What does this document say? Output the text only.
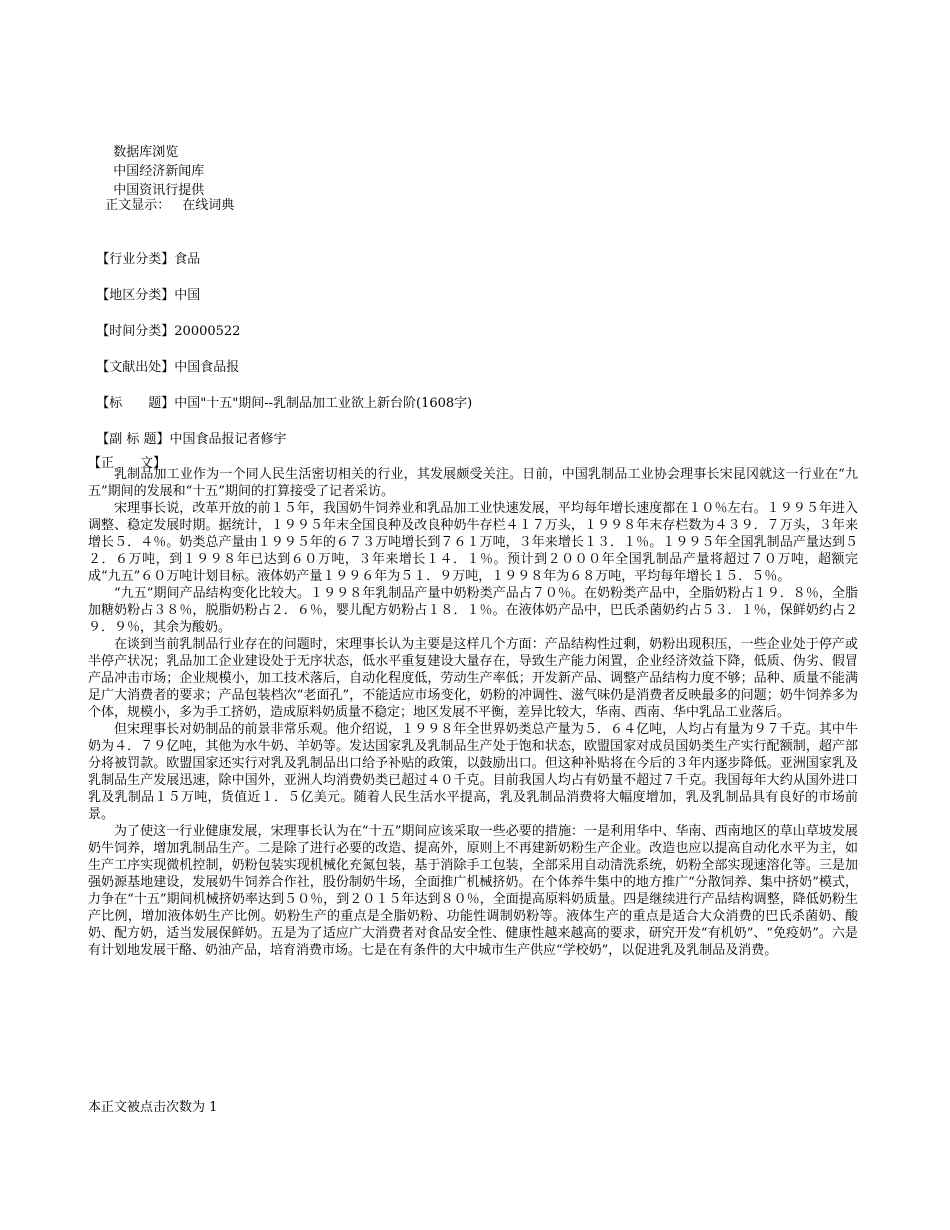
数据库浏览
中国经济新闻库
中国资讯行提供

正文显示： 在线词典

【行业分类】食品

【地区分类】中国

【时间分类】20000522

【文献出处】中国食品报

【标　　题】中国"十五"期间--乳制品加工业欲上新台阶(1608字)

【副 标 题】中国食品报记者修宇

【正　　文】

乳制品加工业作为一个同人民生活密切相关的行业，其发展颇受关注。日前，中国乳制品工业协会理事长宋昆冈就这一行业在“九五”期间的发展和“十五”期间的打算接受了记者采访。

宋理事长说，改革开放的前１５年，我国奶牛饲养业和乳品加工业快速发展，平均每年增长速度都在１０％左右。１９９５年进入调整、稳定发展时期。据统计，１９９５年末全国良种及改良种奶牛存栏４１７万头，１９９８年末存栏数为４３９．７万头，３年来增长５．４％。奶类总产量由１９９５年的６７３万吨增长到７６１万吨，３年来增长１３．１％。１９９５年全国乳制品产量达到５２．６万吨，到１９９８年已达到６０万吨，３年来增长１４．１％。预计到２０００年全国乳制品产量将超过７０万吨，超额完成“九五”６０万吨计划目标。液体奶产量１９９６年为５１．９万吨，１９９８年为６８万吨，平均每年增长１５．５％。

“九五”期间产品结构变化比较大。１９９８年乳制品产量中奶粉类产品占７０％。在奶粉类产品中，全脂奶粉占１９．８％，全脂加糖奶粉占３８％，脱脂奶粉占２．６％，婴儿配方奶粉占１８．１％。在液体奶产品中，巴氏杀菌奶约占５３．１％，保鲜奶约占２９．９％，其余为酸奶。

在谈到当前乳制品行业存在的问题时，宋理事长认为主要是这样几个方面：产品结构性过剩，奶粉出现积压，一些企业处于停产或半停产状况；乳品加工企业建设处于无序状态，低水平重复建设大量存在，导致生产能力闲置，企业经济效益下降，低质、伪劣、假冒产品冲击市场；企业规模小，加工技术落后，自动化程度低，劳动生产率低；开发新产品、调整产品结构力度不够；品种、质量不能满足广大消费者的要求；产品包装档次“老面孔”，不能适应市场变化，奶粉的冲调性、滋气味仍是消费者反映最多的问题；奶牛饲养多为个体，规模小，多为手工挤奶，造成原料奶质量不稳定；地区发展不平衡，差异比较大，华南、西南、华中乳品工业落后。

但宋理事长对奶制品的前景非常乐观。他介绍说，１９９８年全世界奶类总产量为５．６４亿吨，人均占有量为９７千克。其中牛奶为４．７９亿吨，其他为水牛奶、羊奶等。发达国家乳及乳制品生产处于饱和状态，欧盟国家对成员国奶类生产实行配额制，超产部分将被罚款。欧盟国家还实行对乳及乳制品出口给予补贴的政策，以鼓励出口。但这种补贴将在今后的３年内逐步降低。亚洲国家乳及乳制品生产发展迅速，除中国外，亚洲人均消费奶类已超过４０千克。目前我国人均占有奶量不超过７千克。我国每年大约从国外进口乳及乳制品１５万吨，货值近１．５亿美元。随着人民生活水平提高，乳及乳制品消费将大幅度增加，乳及乳制品具有良好的市场前景。

为了使这一行业健康发展，宋理事长认为在“十五”期间应该采取一些必要的措施：一是利用华中、华南、西南地区的草山草坡发展奶牛饲养，增加乳制品生产。二是除了进行必要的改造、提高外，原则上不再建新奶粉生产企业。改造也应以提高自动化水平为主，如生产工序实现微机控制，奶粉包装实现机械化充氮包装，基于消除手工包装，全部采用自动清洗系统，奶粉全部实现速溶化等。三是加强奶源基地建设，发展奶牛饲养合作社，股份制奶牛场，全面推广机械挤奶。在个体养牛集中的地方推广“分散饲养、集中挤奶”模式，力争在“十五”期间机械挤奶率达到５０％，到２０１５年达到８０％，全面提高原料奶质量。四是继续进行产品结构调整，降低奶粉生产比例，增加液体奶生产比例。奶粉生产的重点是全脂奶粉、功能性调制奶粉等。液体生产的重点是适合大众消费的巴氏杀菌奶、酸奶、配方奶，适当发展保鲜奶。五是为了适应广大消费者对食品安全性、健康性越来越高的要求，研究开发“有机奶”、“免疫奶”。六是有计划地发展干酪、奶油产品，培育消费市场。七是在有条件的大中城市生产供应“学校奶”，以促进乳及乳制品及消费。

本正文被点击次数为 1
